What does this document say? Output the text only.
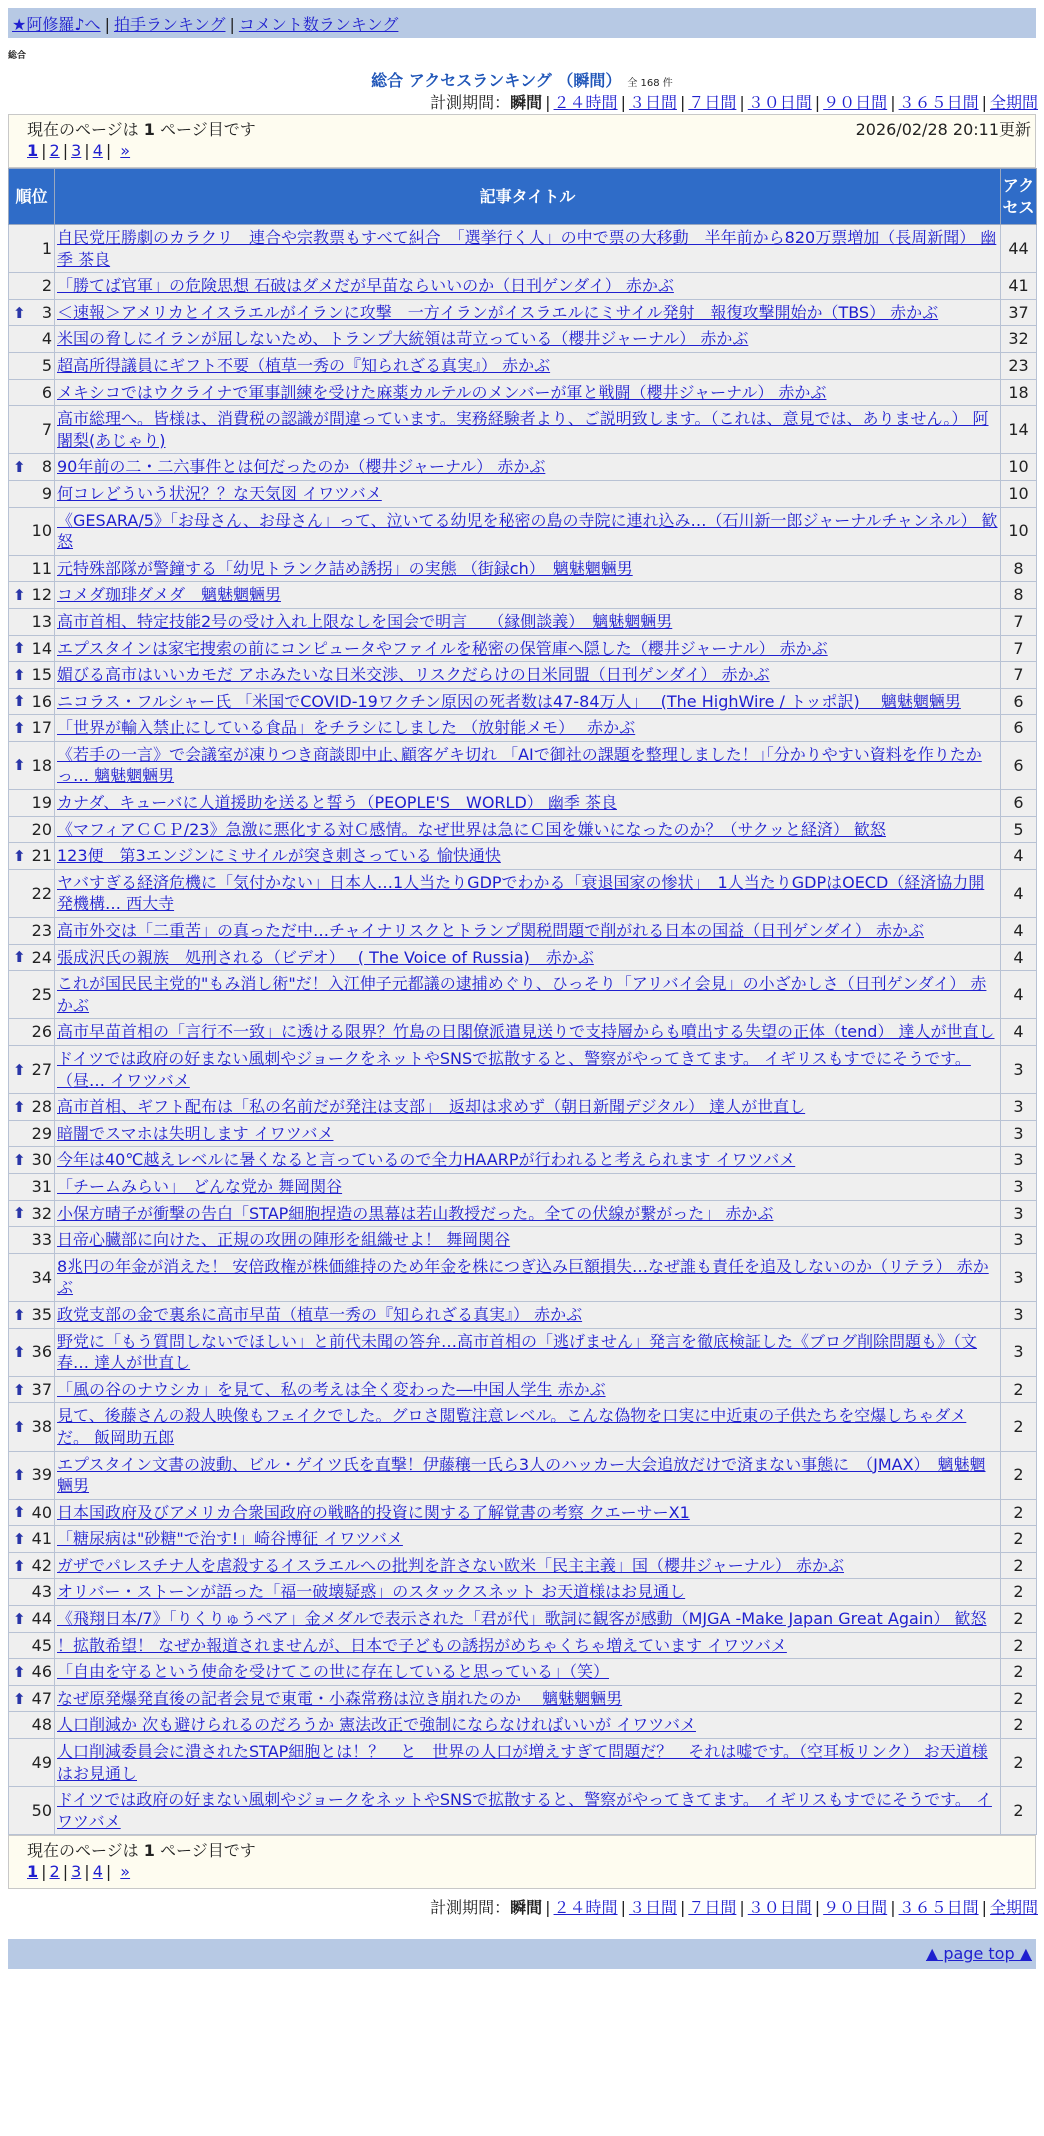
★阿修羅♪へ | 拍手ランキング | コメント数ランキング
総合
総合 アクセスランキング （瞬間） 全 168 件
計測期間：瞬間 | ２４時間 | ３日間 | ７日間 | ３０日間 | ９０日間 | ３６５日間 | 全期間
現在のページは 1 ページ目です	2026/02/28 20:11更新
1 | 2 | 3 | 4 | »
順位	記事タイトル	アクセス
1	自民党圧勝劇のカラクリ　連合や宗教票もすべて糾合　「選挙行く人」の中で票の大移動　半年前から820万票増加（長周新聞） 幽季 茶良	44
2	「勝てば官軍」の危険思想 石破はダメだが早苗ならいいのか（日刊ゲンダイ） 赤かぶ	41

⬆ 3	＜速報＞アメリカとイスラエルがイランに攻撃　一方イランがイスラエルにミサイル発射　報復攻撃開始か（TBS） 赤かぶ	37
4	米国の脅しにイランが屈しないため、トランプ大統領は苛立っている（櫻井ジャーナル） 赤かぶ	32
5	超高所得議員にギフト不要（植草一秀の『知られざる真実』） 赤かぶ	23
6	メキシコではウクライナで軍事訓練を受けた麻薬カルテルのメンバーが軍と戦闘（櫻井ジャーナル） 赤かぶ	18
7	高市総理へ。皆様は、消費税の認識が間違っています。実務経験者より、ご説明致します。（これは、意見では、ありません。） 阿闍梨(あじゃり)	14

⬆ 8	90年前の二・二六事件とは何だったのか（櫻井ジャーナル） 赤かぶ	10
9	何コレどういう状況？？な天気図 イワツバメ	10
10	《GESARA/5》「お母さん、お母さん」って、泣いてる幼児を秘密の島の寺院に連れ込み…（石川新一郎ジャーナルチャンネル） 歓怒	10
11	元特殊部隊が警鐘する「幼児トランク詰め誘拐」の実態 （街録ch）　魑魅魍魎男	8

⬆ 12	コメダ珈琲ダメダ　魑魅魍魎男	8
13	高市首相、特定技能2号の受け入れ上限なしを国会で明言　 （縁側談義）　魑魅魍魎男	7

⬆ 14	エプスタインは家宅捜索の前にコンピュータやファイルを秘密の保管庫へ隠した（櫻井ジャーナル） 赤かぶ	7

⬆ 15	媚びる高市はいいカモだ アホみたいな日米交渉、リスクだらけの日米同盟（日刊ゲンダイ） 赤かぶ	7

⬆ 16	ニコラス・フルシャー氏 「米国でCOVID-19ワクチン原因の死者数は47-84万人」　 (The HighWire / トッポ訳)　 魑魅魍魎男	6

⬆ 17	「世界が輸入禁止にしている食品」をチラシにしました （放射能メモ）　 赤かぶ	6

⬆ 18	《若手の一言》で会議室が凍りつき商談即中止､顧客ゲキ切れ 「AIで御社の課題を整理しました！｣｢分かりやすい資料を作りたかっ… 魑魅魍魎男	6
19	カナダ、キューバに人道援助を送ると誓う（PEOPLE'S　WORLD） 幽季 茶良	6
20	《マフィアＣＣＰ/23》急激に悪化する対Ｃ感情。なぜ世界は急にＣ国を嫌いになったのか？（サクッと経済） 歓怒	5

⬆ 21	123便　第3エンジンにミサイルが突き刺さっている 愉快通快	4
22	ヤバすぎる経済危機に「気付かない」日本人…1人当たりGDPでわかる「衰退国家の惨状」　1人当たりGDPはOECD（経済協力開発機構… 西大寺	4
23	高市外交は「二重苦」の真っただ中…チャイナリスクとトランプ関税問題で削がれる日本の国益（日刊ゲンダイ） 赤かぶ	4

⬆ 24	張成沢氏の親族　処刑される（ビデオ）　 ( The Voice of Russia)　赤かぶ	4
25	これが国民民主党的"もみ消し術"だ！入江伸子元都議の逮捕めぐり、ひっそり「アリバイ会見」の小ざかしさ（日刊ゲンダイ） 赤かぶ	4
26	高市早苗首相の「言行不一致」に透ける限界？竹島の日閣僚派遣見送りで支持層からも噴出する失望の正体（tend） 達人が世直し	4

⬆ 27	ドイツでは政府の好まない風刺やジョークをネットやSNSで拡散すると、警察がやってきてます。 イギリスもすでにそうです。（昼… イワツバメ	3

⬆ 28	高市首相、ギフト配布は「私の名前だが発注は支部」　返却は求めず（朝日新聞デジタル） 達人が世直し	3
29	暗闇でスマホは失明します イワツバメ	3

⬆ 30	今年は40℃越えレベルに暑くなると言っているので全力HAARPが行われると考えられます イワツバメ	3
31	「チームみらい」　どんな党か 舞岡関谷	3

⬆ 32	小保方晴子が衝撃の告白「STAP細胞捏造の黒幕は若山教授だった。全ての伏線が繋がった」 赤かぶ	3
33	日帝心臓部に向けた、正規の攻囲の陣形を組織せよ！ 舞岡関谷	3
34	8兆円の年金が消えた！ 安倍政権が株価維持のため年金を株につぎ込み巨額損失…なぜ誰も責任を追及しないのか（リテラ） 赤かぶ	3

⬆ 35	政党支部の金で裏糸に高市早苗（植草一秀の『知られざる真実』） 赤かぶ	3

⬆ 36	野党に「もう質問しないでほしい」と前代未聞の答弁…高市首相の「逃げません」発言を徹底検証した《ブログ削除問題も》（文春… 達人が世直し	3

⬆ 37	「風の谷のナウシカ」を見て、私の考えは全く変わった―中国人学生 赤かぶ	2

⬆ 38	見て、後藤さんの殺人映像もフェイクでした。グロさ閲覧注意レベル。こんな偽物を口実に中近東の子供たちを空爆しちゃダメだ。 飯岡助五郎	2

⬆ 39	エプスタイン文書の波動、ビル・ゲイツ氏を直撃！伊藤穰一氏ら3人のハッカー大会追放だけで済まない事態に　（JMAX）　魑魅魍魎男	2

⬆ 40	日本国政府及びアメリカ合衆国政府の戦略的投資に関する了解覚書の考察 クエーサーX1	2

⬆ 41	「糖尿病は"砂糖"で治す!」崎谷博征 イワツバメ	2

⬆ 42	ガザでパレスチナ人を虐殺するイスラエルへの批判を許さない欧米「民主主義」国（櫻井ジャーナル） 赤かぶ	2
43	オリバー・ストーンが語った「福一破壊疑惑」のスタックスネット お天道様はお見通し	2

⬆ 44	《飛翔日本/7》「りくりゅうペア」金メダルで表示された「君が代」歌詞に観客が感動（MJGA -Make Japan Great Again） 歓怒	2
45	！拡散希望！ なぜか報道されませんが、日本で子どもの誘拐がめちゃくちゃ増えています イワツバメ	2

⬆ 46	「自由を守るという使命を受けてこの世に存在していると思っている」（笑）	2

⬆ 47	なぜ原発爆発直後の記者会見で東電・小森常務は泣き崩れたのか　 魑魅魍魎男	2
48	人口削減か 次も避けられるのだろうか 憲法改正で強制にならなければいいが イワツバメ	2
49	人口削減委員会に潰されたSTAP細胞とは！？　と　世界の人口が増えすぎて問題だ？　それは嘘です。（空耳板リンク） お天道様はお見通し	2
50	ドイツでは政府の好まない風刺やジョークをネットやSNSで拡散すると、警察がやってきてます。 イギリスもすでにそうです。 イワツバメ	2
現在のページは 1 ページ目です
1 | 2 | 3 | 4 | »
計測期間：瞬間 | ２４時間 | ３日間 | ７日間 | ３０日間 | ９０日間 | ３６５日間 | 全期間
▲ page top ▲
